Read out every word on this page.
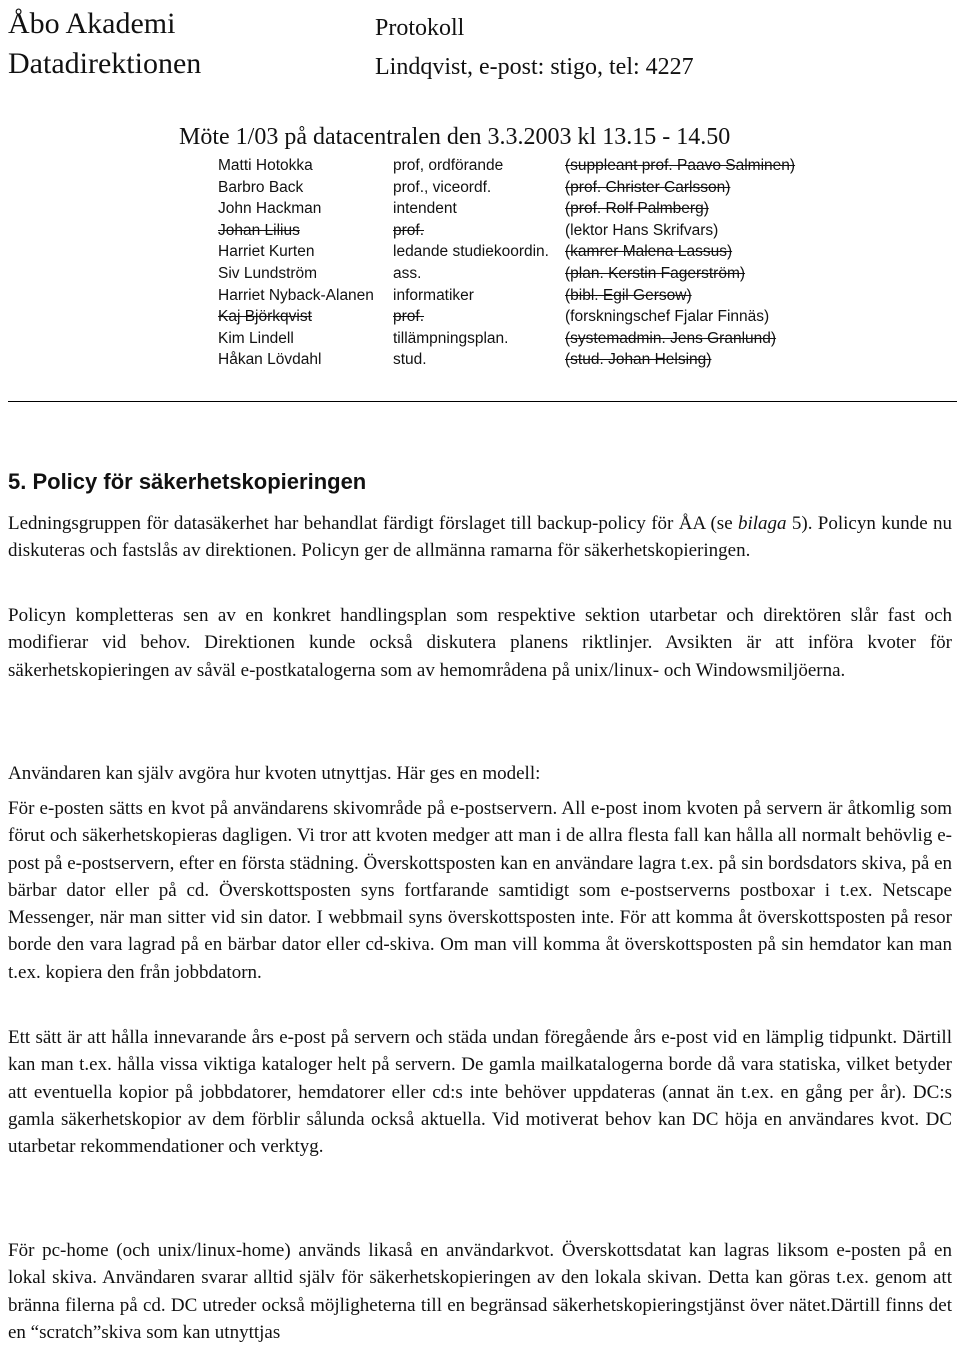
Åbo Akademi
Datadirektionen
Protokoll
Lindqvist, e-post: stigo, tel: 4227
Möte 1/03 på datacentralen den 3.3.2003 kl 13.15 - 14.50
Matti Hotokka	prof, ordförande	(suppleant prof. Paavo Salminen)
Barbro Back	prof., viceordf.	(prof. Christer Carlsson)
John Hackman	intendent	(prof. Rolf Palmberg)
Johan Lilius	prof.	(lektor Hans Skrifvars)
Harriet Kurten	ledande studiekoordin.	(kamrer Malena Lassus)
Siv Lundström	ass.	(plan. Kerstin Fagerström)
Harriet Nyback-Alanen	informatiker	(bibl. Egil Gersow)
Kaj Björkqvist	prof.	(forskningschef Fjalar Finnäs)
Kim Lindell	tillämpningsplan.	(systemadmin. Jens Granlund)
Håkan Lövdahl	stud.	(stud. Johan Helsing)
5. Policy för säkerhetskopieringen
Ledningsgruppen för datasäkerhet har behandlat färdigt förslaget till backup-policy för ÅA (se bilaga 5). Policyn kunde nu diskuteras och fastslås av direktionen. Policyn ger de allmänna ramarna för säkerhetskopieringen.
Policyn kompletteras sen av en konkret handlingsplan som respektive sektion utarbetar och direktören slår fast och modifierar vid behov. Direktionen kunde också diskutera planens riktlinjer. Avsikten är att införa kvoter för säkerhetskopieringen av såväl e-postkatalogerna som av hemområdena på unix/linux- och Windowsmiljöerna.
Användaren kan själv avgöra hur kvoten utnyttjas. Här ges en modell:
För e-posten sätts en kvot på användarens skivområde på e-postservern. All e-post inom kvoten på servern är åtkomlig som förut och säkerhetskopieras dagligen. Vi tror att kvoten medger att man i de allra flesta fall kan hålla all normalt behövlig e-post på e-postservern, efter en första städning. Överskottsposten kan en användare lagra t.ex. på sin bordsdators skiva, på en bärbar dator eller på cd. Överskottsposten syns fortfarande samtidigt som e-postserverns postboxar i t.ex. Netscape Messenger, när man sitter vid sin dator. I webbmail syns överskottsposten inte. För att komma åt överskottsposten på resor borde den vara lagrad på en bärbar dator eller cd-skiva. Om man vill komma åt överskottsposten på sin hemdator kan man t.ex. kopiera den från jobbdatorn.
Ett sätt är att hålla innevarande års e-post på servern och städa undan föregående års e-post vid en lämplig tidpunkt. Därtill kan man t.ex. hålla vissa viktiga kataloger helt på servern. De gamla mailkatalogerna borde då vara statiska, vilket betyder att eventuella kopior på jobbdatorer, hemdatorer eller cd:s inte behöver uppdateras (annat än t.ex. en gång per år). DC:s gamla säkerhetskopior av dem förblir sålunda också aktuella. Vid motiverat behov kan DC höja en användares kvot. DC utarbetar rekommendationer och verktyg.
För pc-home (och unix/linux-home) används likaså en användarkvot. Överskottsdatat kan lagras liksom e-posten på en lokal skiva. Användaren svarar alltid själv för säkerhetskopieringen av den lokala skivan. Detta kan göras t.ex. genom att bränna filerna på cd. DC utreder också möjligheterna till en begränsad säkerhetskopieringstjänst över nätet.Därtill finns det en “scratch”skiva som kan utnyttjas
